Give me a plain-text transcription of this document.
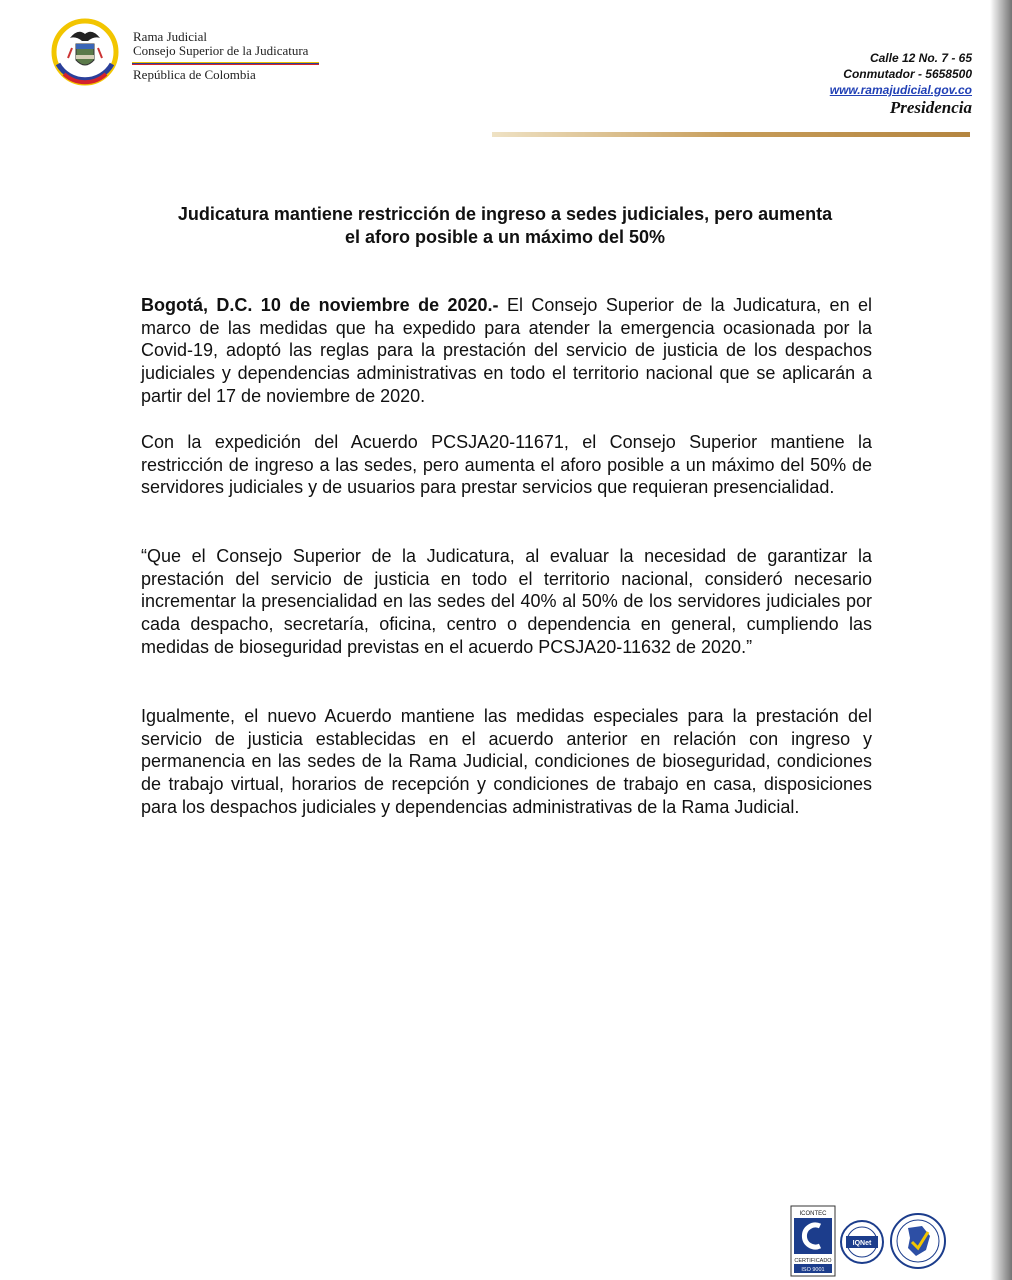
Rama Judicial
Consejo Superior de la Judicatura
República de Colombia
Calle 12 No. 7 - 65
Conmutador - 5658500
www.ramajudicial.gov.co
Presidencia
Judicatura mantiene restricción de ingreso a sedes judiciales, pero aumenta
el aforo posible a un máximo del 50%
Bogotá, D.C. 10 de noviembre de 2020.- El Consejo Superior de la Judicatura, en el marco de las medidas que ha expedido para atender la emergencia ocasionada por la Covid-19, adoptó las reglas para la prestación del servicio de justicia de los despachos judiciales y dependencias administrativas en todo el territorio nacional que se aplicarán a partir del 17 de noviembre de 2020.
Con la expedición del Acuerdo PCSJA20-11671, el Consejo Superior mantiene la restricción de ingreso a las sedes, pero aumenta el aforo posible a un máximo del 50% de servidores judiciales y de usuarios para prestar servicios que requieran presencialidad.
“Que el Consejo Superior de la Judicatura, al evaluar la necesidad de garantizar la prestación del servicio de justicia en todo el territorio nacional, consideró necesario incrementar la presencialidad en las sedes del 40% al 50% de los servidores judiciales por cada despacho, secretaría, oficina, centro o dependencia en general, cumpliendo las medidas de bioseguridad previstas en el acuerdo PCSJA20-11632 de 2020.”
Igualmente, el nuevo Acuerdo mantiene las medidas especiales para la prestación del servicio de justicia establecidas en el acuerdo anterior en relación con ingreso y permanencia en las sedes de la Rama Judicial, condiciones de bioseguridad, condiciones de trabajo virtual, horarios de recepción y condiciones de trabajo en casa, disposiciones para los despachos judiciales y dependencias administrativas de la Rama Judicial.
ICONTEC
CERTIFICADO
ISO 9001
IQNet
